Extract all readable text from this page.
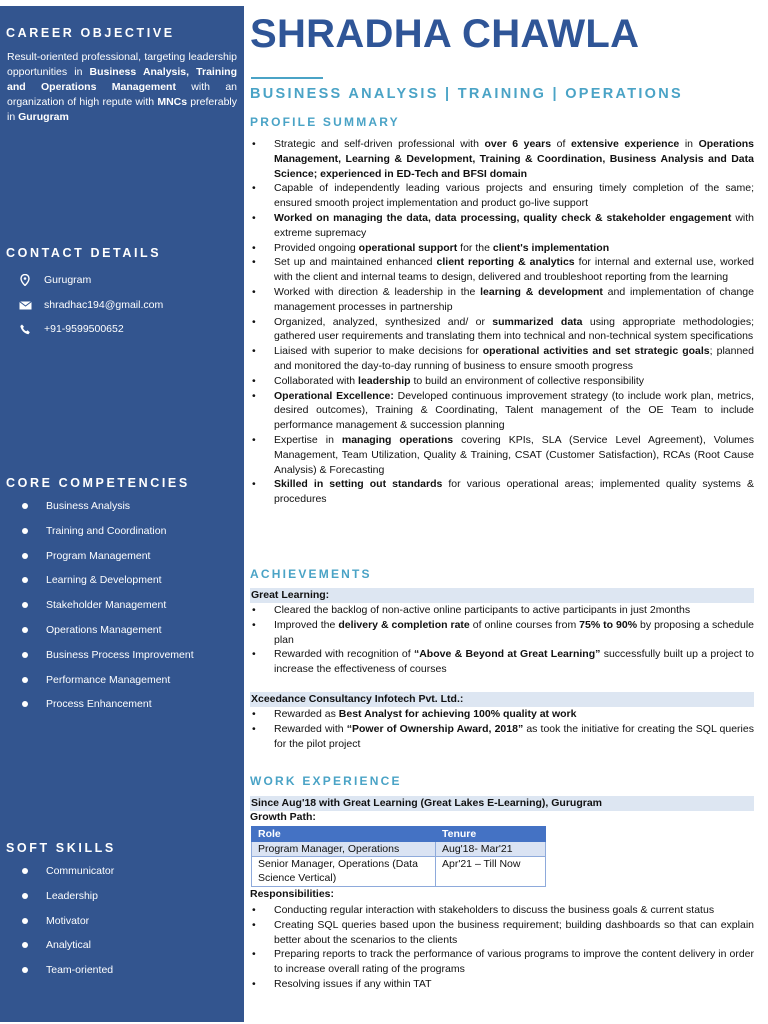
CAREER OBJECTIVE
Result-oriented professional, targeting leadership opportunities in Business Analysis, Training and Operations Management with an organization of high repute with MNCs preferably in Gurugram
CONTACT DETAILS
Gurugram
shradhac194@gmail.com
+91-9599500652
CORE COMPETENCIES
Business Analysis
Training and Coordination
Program Management
Learning & Development
Stakeholder Management
Operations Management
Business Process Improvement
Performance Management
Process Enhancement
SOFT SKILLS
Communicator
Leadership
Motivator
Analytical
Team-oriented
SHRADHA CHAWLA
BUSINESS ANALYSIS | TRAINING | OPERATIONS
PROFILE SUMMARY
•	Strategic and self-driven professional with over 6 years of extensive experience in Operations Management, Learning & Development, Training & Coordination, Business Analysis and Data Science; experienced in ED-Tech and BFSI domain
•	Capable of independently leading various projects and ensuring timely completion of the same; ensured smooth project implementation and product go-live support
•	Worked on managing the data, data processing, quality check & stakeholder engagement with extreme supremacy
•	Provided ongoing operational support for the client's implementation
•	Set up and maintained enhanced client reporting & analytics for internal and external use, worked with the client and internal teams to design, delivered and troubleshoot reporting from the learning
•	Worked with direction & leadership in the learning & development and implementation of change management processes in partnership
•	Organized, analyzed, synthesized and/ or summarized data using appropriate methodologies; gathered user requirements and translating them into technical and non-technical system specifications
•	Liaised with superior to make decisions for operational activities and set strategic goals; planned and monitored the day-to-day running of business to ensure smooth progress
•	Collaborated with leadership to build an environment of collective responsibility
•	Operational Excellence: Developed continuous improvement strategy (to include work plan, metrics, desired outcomes), Training & Coordinating, Talent management of the OE Team to include performance management & succession planning
•	Expertise in managing operations covering KPIs, SLA (Service Level Agreement), Volumes Management, Team Utilization, Quality & Training, CSAT (Customer Satisfaction), RCAs (Root Cause Analysis) & Forecasting
•	Skilled in setting out standards for various operational areas; implemented quality systems & procedures
ACHIEVEMENTS
Great Learning:
•	Cleared the backlog of non-active online participants to active participants in just 2months
•	Improved the delivery & completion rate of online courses from 75% to 90% by proposing a schedule plan
•	Rewarded with recognition of “Above & Beyond at Great Learning” successfully built up a project to increase the effectiveness of courses
Xceedance Consultancy Infotech Pvt. Ltd.:
•	Rewarded as Best Analyst for achieving 100% quality at work
•	Rewarded with “Power of Ownership Award, 2018” as took the initiative for creating the SQL queries for the pilot project
WORK EXPERIENCE
Since Aug'18 with Great Learning (Great Lakes E-Learning), Gurugram
Growth Path:
Role	Tenure
Program Manager, Operations	Aug'18- Mar'21
Senior Manager, Operations (Data Science Vertical)	Apr'21 – Till Now
Responsibilities:
•	Conducting regular interaction with stakeholders to discuss the business goals & current status
•	Creating SQL queries based upon the business requirement; building dashboards so that can explain better about the scenarios to the clients
•	Preparing reports to track the performance of various programs to improve the content delivery in order to increase overall rating of the programs
•	Resolving issues if any within TAT
